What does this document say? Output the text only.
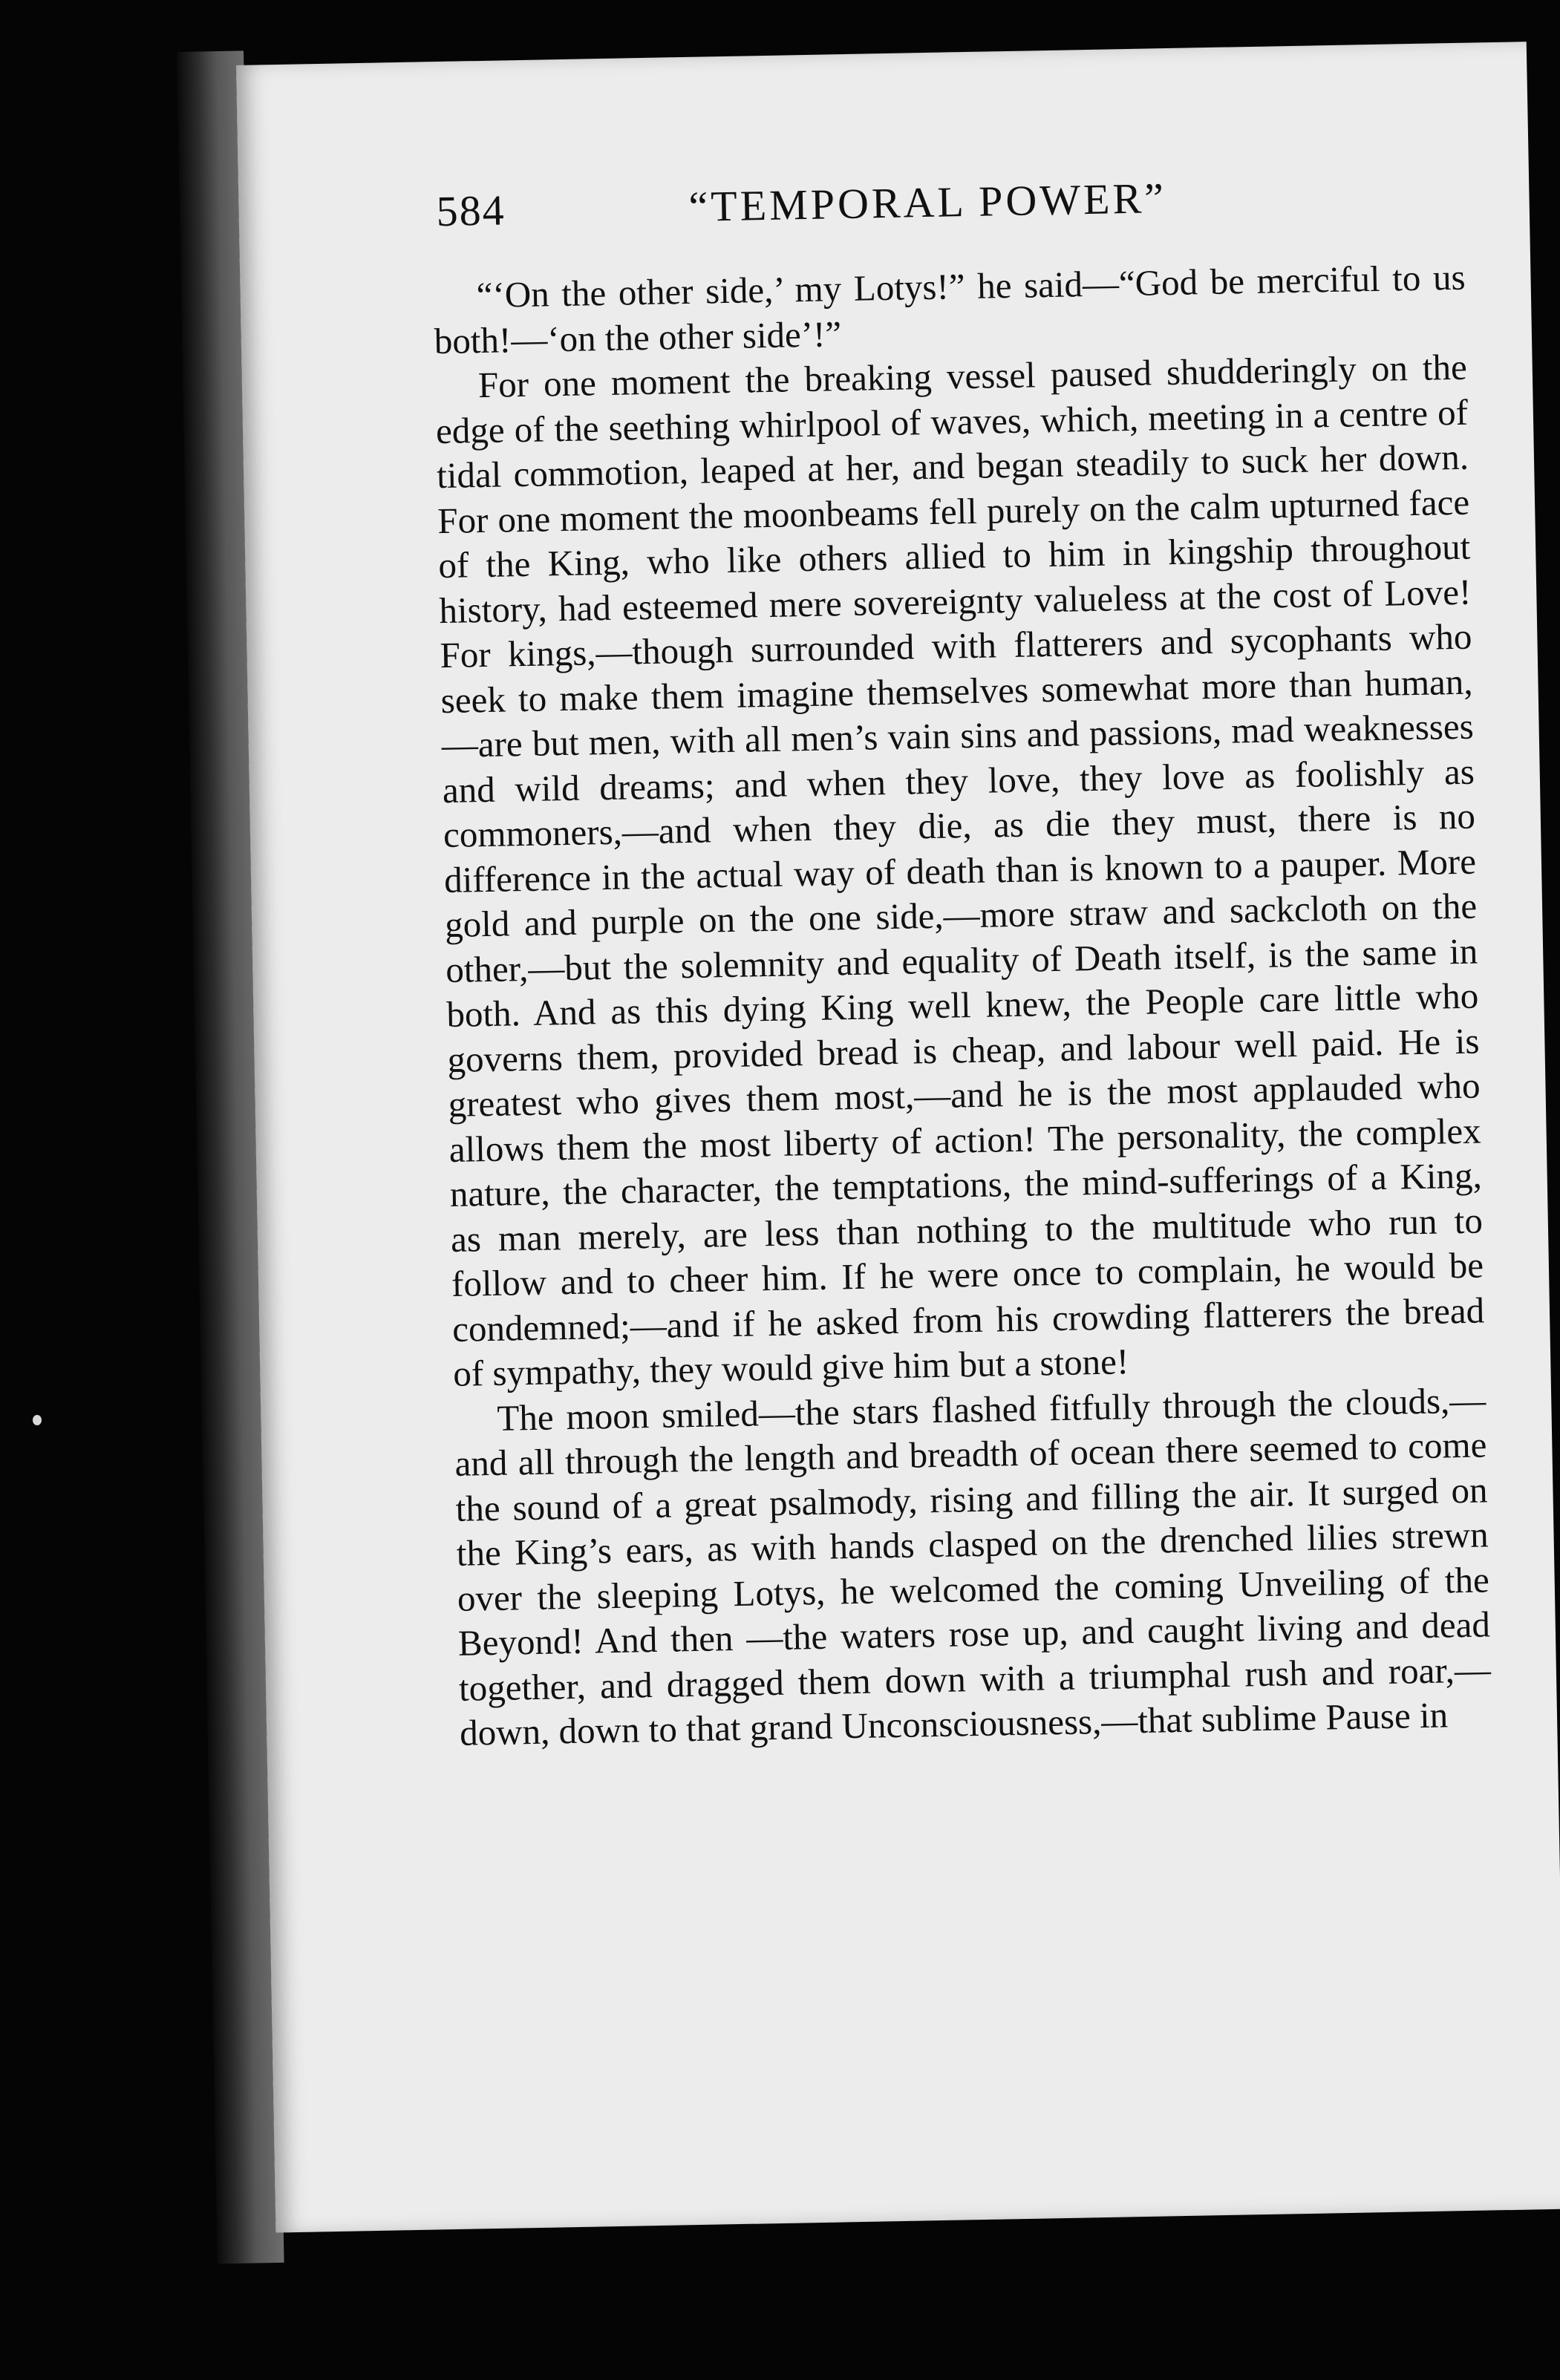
584	“TEMPORAL POWER”

“‘On the other side,’ my Lotys!” he said—“God be merciful to us both!—‘on the other side’!”

For one moment the breaking vessel paused shudderingly on the edge of the seething whirlpool of waves, which, meeting in a centre of tidal commotion, leaped at her, and began steadily to suck her down. For one moment the moonbeams fell purely on the calm upturned face of the King, who like others allied to him in kingship throughout history, had esteemed mere sovereignty valueless at the cost of Love! For kings,—though surrounded with flatterers and sycophants who seek to make them imagine themselves somewhat more than human,—are but men, with all men’s vain sins and passions, mad weaknesses and wild dreams; and when they love, they love as foolishly as commoners,—and when they die, as die they must, there is no difference in the actual way of death than is known to a pauper. More gold and purple on the one side,—more straw and sackcloth on the other,—but the solemnity and equality of Death itself, is the same in both. And as this dying King well knew, the People care little who governs them, provided bread is cheap, and labour well paid. He is greatest who gives them most,—and he is the most applauded who allows them the most liberty of action! The personality, the complex nature, the character, the temptations, the mind-sufferings of a King, as man merely, are less than nothing to the multitude who run to follow and to cheer him. If he were once to complain, he would be condemned;—and if he asked from his crowding flatterers the bread of sympathy, they would give him but a stone!

The moon smiled—the stars flashed fitfully through the clouds,—and all through the length and breadth of ocean there seemed to come the sound of a great psalmody, rising and filling the air. It surged on the King’s ears, as with hands clasped on the drenched lilies strewn over the sleeping Lotys, he welcomed the coming Unveiling of the Beyond! And then —the waters rose up, and caught living and dead together, and dragged them down with a triumphal rush and roar,—down, down to that grand Unconsciousness,—that sublime Pause in
